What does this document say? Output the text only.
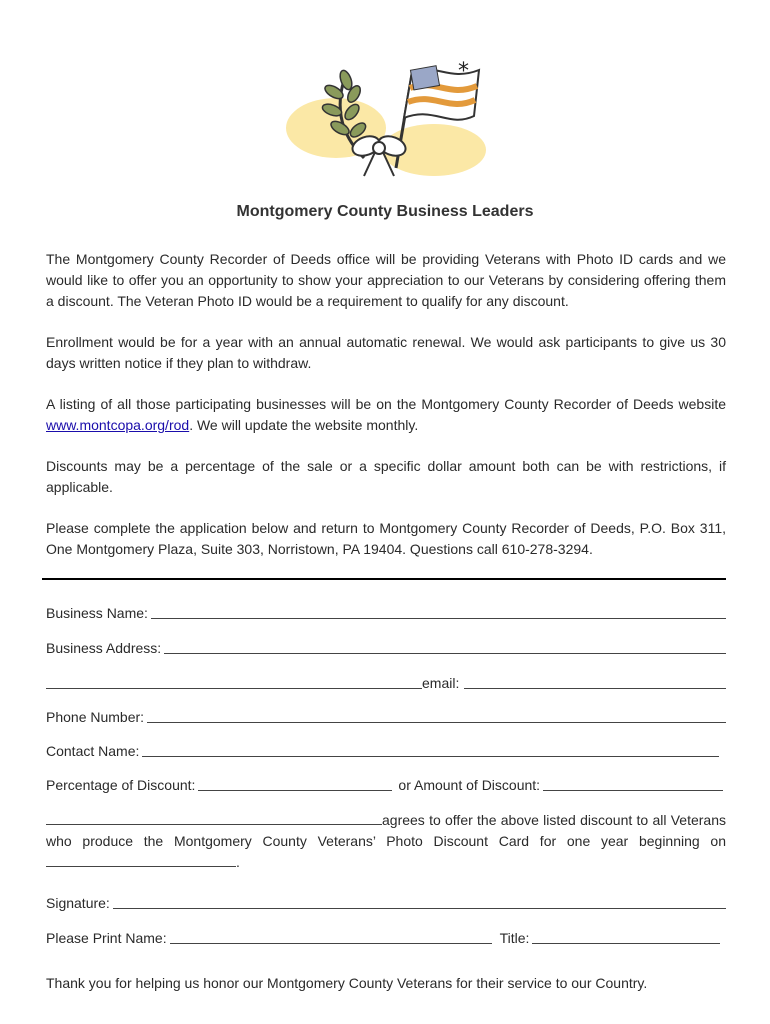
*
Montgomery County Business Leaders

The Montgomery County Recorder of Deeds office will be providing Veterans with Photo ID cards and we would like to offer you an opportunity to show your appreciation to our Veterans by considering offering them a discount. The Veteran Photo ID would be a requirement to qualify for any discount.

Enrollment would be for a year with an annual automatic renewal. We would ask participants to give us 30 days written notice if they plan to withdraw.

A listing of all those participating businesses will be on the Montgomery County Recorder of Deeds website www.montcopa.org/rod. We will update the website monthly.

Discounts may be a percentage of the sale or a specific dollar amount both can be with restrictions, if applicable.

Please complete the application below and return to Montgomery County Recorder of Deeds, P.O. Box 311, One Montgomery Plaza, Suite 303, Norristown, PA 19404. Questions call 610-278-3294.

Business Name:
Business Address:
email:
Phone Number:
Contact Name:
Percentage of Discount:	or Amount of Discount:
agrees to offer the above listed discount to all Veterans who produce the Montgomery County Veterans’ Photo Discount Card for one year beginning on .
Signature:
Please Print Name:	Title:
Thank you for helping us honor our Montgomery County Veterans for their service to our Country.
